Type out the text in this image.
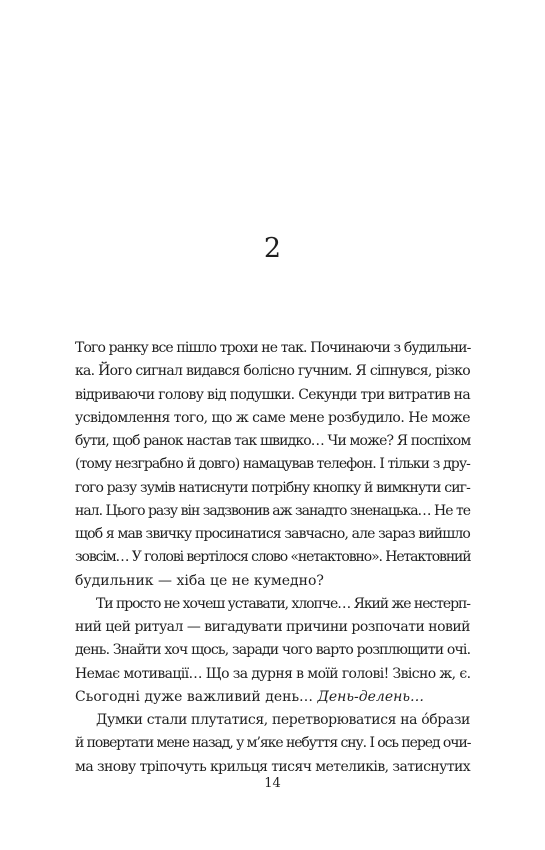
2
Того ранку все пішло трохи не так. Починаючи з будильни-
ка. Його сигнал видався болісно гучним. Я сіпнувся, різко
відриваючи голову від подушки. Секунди три витратив на
усвідомлення того, що ж саме мене розбудило. Не може
бути, щоб ранок настав так швидко… Чи може? Я поспіхом
(тому незграбно й довго) намацував телефон. І тільки з дру-
гого разу зумів натиснути потрібну кнопку й вимкнути сиг-
нал. Цього разу він задзвонив аж занадто зненацька… Не те
щоб я мав звичку просинатися завчасно, але зараз вийшло
зовсім… У голові вертілося слово «нетактовно». Нетактовний
будильник — хіба це не кумедно?
Ти просто не хочеш уставати, хлопче… Який же нестерп-
ний цей ритуал — вигадувати причини розпочати новий
день. Знайти хоч щось, заради чого варто розплющити очі.
Немає мотивації… Що за дурня в моїй голові! Звісно ж, є.
Сьогодні дуже важливий день… День-делень…
Думки стали плутатися, перетворюватися на óбрази
й повертати мене назад, у м’яке небуття сну. І ось перед очи-
ма знову тріпочуть крильця тисяч метеликів, затиснутих
14
